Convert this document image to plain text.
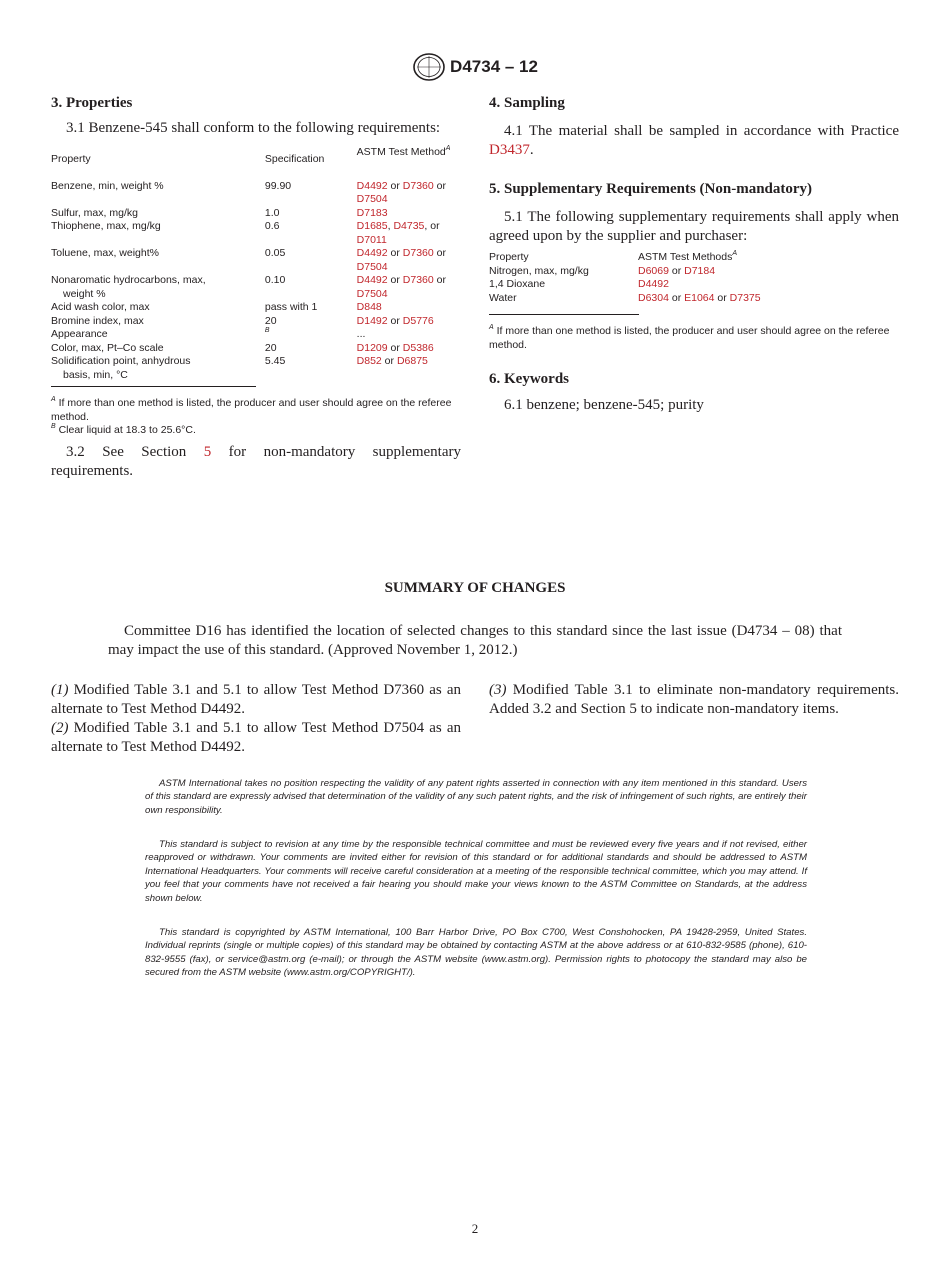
D4734 – 12
3. Properties

3.1 Benzene-545 shall conform to the following requirements:

Property	Specification	ASTM Test Method$^A$

Benzene, min, weight %	99.90	D4492 or D7360 or
D7504
Sulfur, max, mg/kg	1.0	D7183
Thiophene, max, mg/kg	0.6	D1685, D4735, or
D7011
Toluene, max, weight%	0.05	D4492 or D7360 or
D7504
Nonaromatic hydrocarbons, max,
weight %	0.10	D4492 or D7360 or
D7504
Acid wash color, max	pass with 1	D848
Bromine index, max	20	D1492 or D5776
Appearance	$^B$	...
Color, max, Pt–Co scale	20	D1209 or D5386
Solidification point, anhydrous
basis, min, °C	5.45	D852 or D6875
$^A$ If more than one method is listed, the producer and user should agree on the referee method.
$^B$ Clear liquid at 18.3 to 25.6°C.

3.2 See Section 5 for non-mandatory supplementary requirements.

4. Sampling

4.1 The material shall be sampled in accordance with Practice D3437.

5. Supplementary Requirements (Non-mandatory)

5.1 The following supplementary requirements shall apply when agreed upon by the supplier and purchaser:

Property	ASTM Test Methods$^A$
Nitrogen, max, mg/kg	D6069 or D7184
1,4 Dioxane	D4492
Water	D6304 or E1064 or D7375
$^A$ If more than one method is listed, the producer and user should agree on the referee method.
6. Keywords

6.1 benzene; benzene-545; purity

SUMMARY OF CHANGES

Committee D16 has identified the location of selected changes to this standard since the last issue (D4734 – 08) that may impact the use of this standard. (Approved November 1, 2012.)

(1) Modified Table 3.1 and 5.1 to allow Test Method D7360 as an alternate to Test Method D4492.

(2) Modified Table 3.1 and 5.1 to allow Test Method D7504 as an alternate to Test Method D4492.

(3) Modified Table 3.1 to eliminate non-mandatory requirements. Added 3.2 and Section 5 to indicate non-mandatory items.

ASTM International takes no position respecting the validity of any patent rights asserted in connection with any item mentioned in this standard. Users of this standard are expressly advised that determination of the validity of any such patent rights, and the risk of infringement of such rights, are entirely their own responsibility.

This standard is subject to revision at any time by the responsible technical committee and must be reviewed every five years and if not revised, either reapproved or withdrawn. Your comments are invited either for revision of this standard or for additional standards and should be addressed to ASTM International Headquarters. Your comments will receive careful consideration at a meeting of the responsible technical committee, which you may attend. If you feel that your comments have not received a fair hearing you should make your views known to the ASTM Committee on Standards, at the address shown below.

This standard is copyrighted by ASTM International, 100 Barr Harbor Drive, PO Box C700, West Conshohocken, PA 19428-2959, United States. Individual reprints (single or multiple copies) of this standard may be obtained by contacting ASTM at the above address or at 610-832-9585 (phone), 610-832-9555 (fax), or service@astm.org (e-mail); or through the ASTM website (www.astm.org). Permission rights to photocopy the standard may also be secured from the ASTM website (www.astm.org/COPYRIGHT/).

2
